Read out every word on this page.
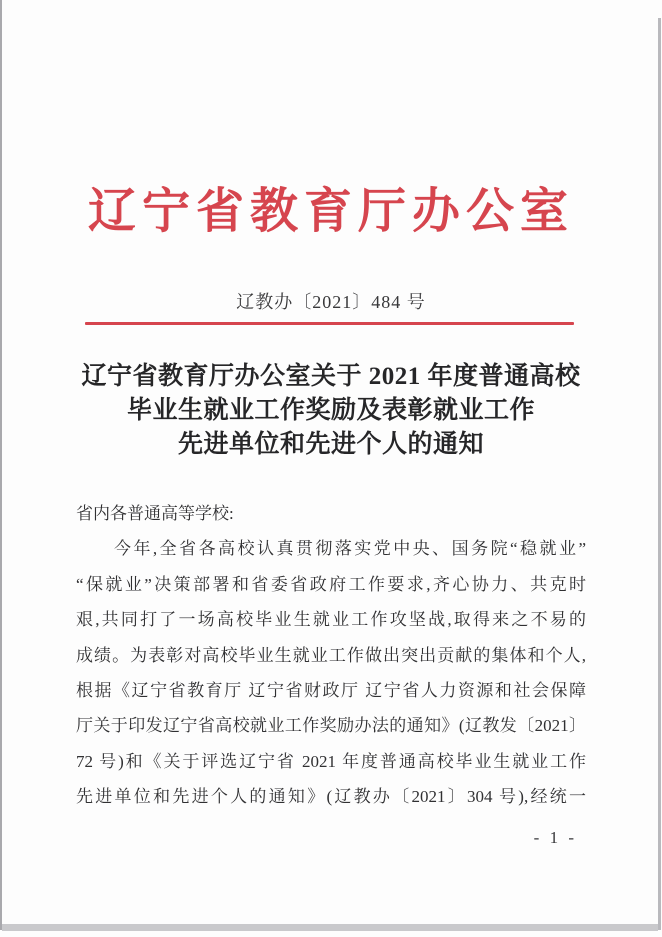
辽宁省教育厅办公室
辽教办〔2021〕484 号
辽宁省教育厅办公室关于 2021 年度普通高校
毕业生就业工作奖励及表彰就业工作
先进单位和先进个人的通知
省内各普通高等学校:
今年,全省各高校认真贯彻落实党中央、国务院“稳就业”
“保就业”决策部署和省委省政府工作要求,齐心协力、共克时
艰,共同打了一场高校毕业生就业工作攻坚战,取得来之不易的
成绩。为表彰对高校毕业生就业工作做出突出贡献的集体和个人,
根据《辽宁省教育厅 辽宁省财政厅 辽宁省人力资源和社会保障
厅关于印发辽宁省高校就业工作奖励办法的通知》(辽教发〔2021〕
72 号)和《关于评选辽宁省 2021 年度普通高校毕业生就业工作
先进单位和先进个人的通知》(辽教办〔2021〕304 号),经统一
- 1 -
